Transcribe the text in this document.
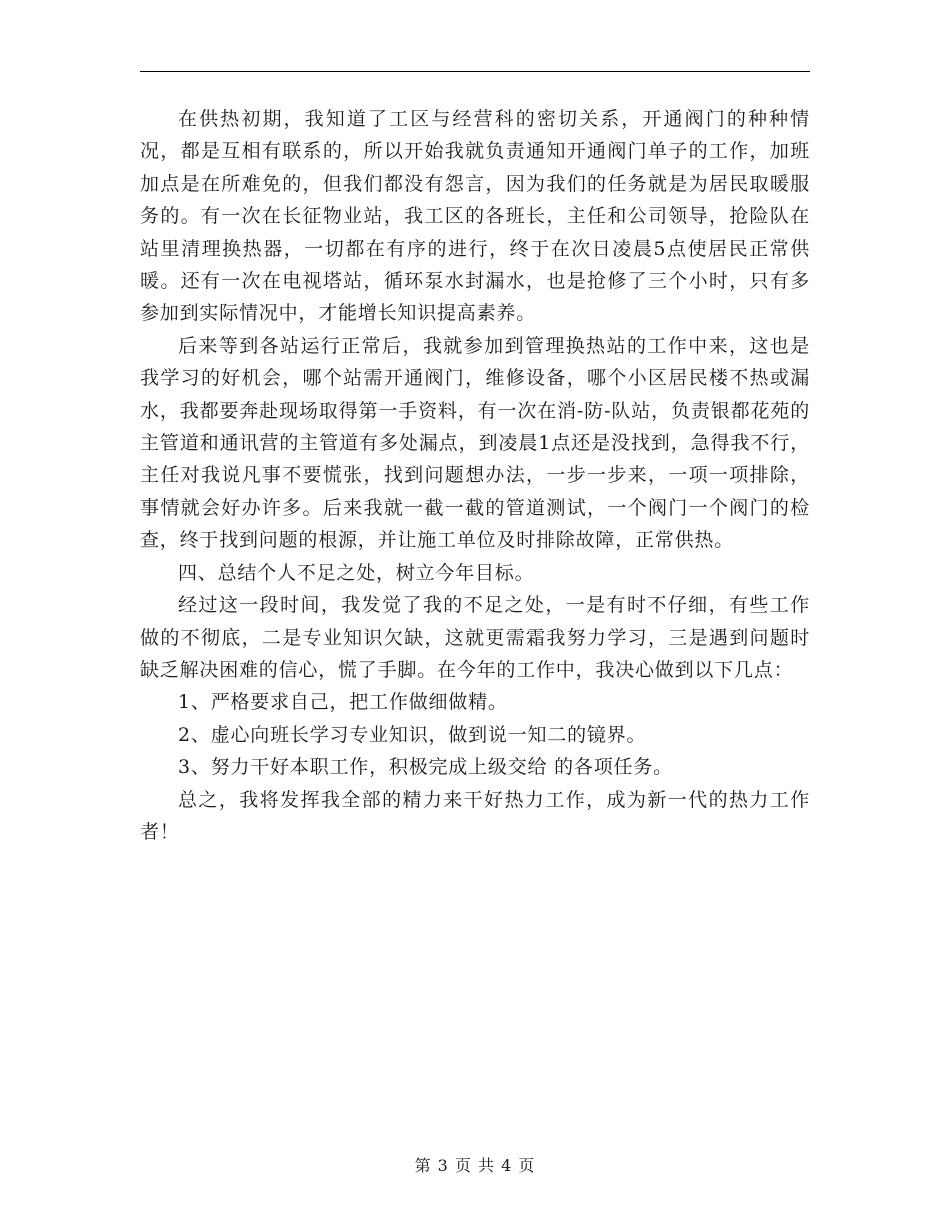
在供热初期，我知道了工区与经营科的密切关系，开通阀门的种种情况，都是互相有联系的，所以开始我就负责通知开通阀门单子的工作，加班加点是在所难免的，但我们都没有怨言，因为我们的任务就是为居民取暖服务的。有一次在长征物业站，我工区的各班长，主任和公司领导，抢险队在站里清理换热器，一切都在有序的进行，终于在次日凌晨5点使居民正常供暖。还有一次在电视塔站，循环泵水封漏水，也是抢修了三个小时，只有多参加到实际情况中，才能增长知识提高素养。

后来等到各站运行正常后，我就参加到管理换热站的工作中来，这也是我学习的好机会，哪个站需开通阀门，维修设备，哪个小区居民楼不热或漏水，我都要奔赴现场取得第一手资料，有一次在消-防-队站，负责银都花苑的主管道和通讯营的主管道有多处漏点，到凌晨1点还是没找到，急得我不行，主任对我说凡事不要慌张，找到问题想办法，一步一步来，一项一项排除，事情就会好办许多。后来我就一截一截的管道测试，一个阀门一个阀门的检查，终于找到问题的根源，并让施工单位及时排除故障，正常供热。

四、总结个人不足之处，树立今年目标。

经过这一段时间，我发觉了我的不足之处，一是有时不仔细，有些工作做的不彻底，二是专业知识欠缺，这就更需霜我努力学习，三是遇到问题时缺乏解决困难的信心，慌了手脚。在今年的工作中，我决心做到以下几点：

1、严格要求自己，把工作做细做精。

2、虚心向班长学习专业知识，做到说一知二的镜界。

3、努力干好本职工作，积极完成上级交给 的各项任务。

总之，我将发挥我全部的精力来干好热力工作，成为新一代的热力工作者！

第 3 页 共 4 页
